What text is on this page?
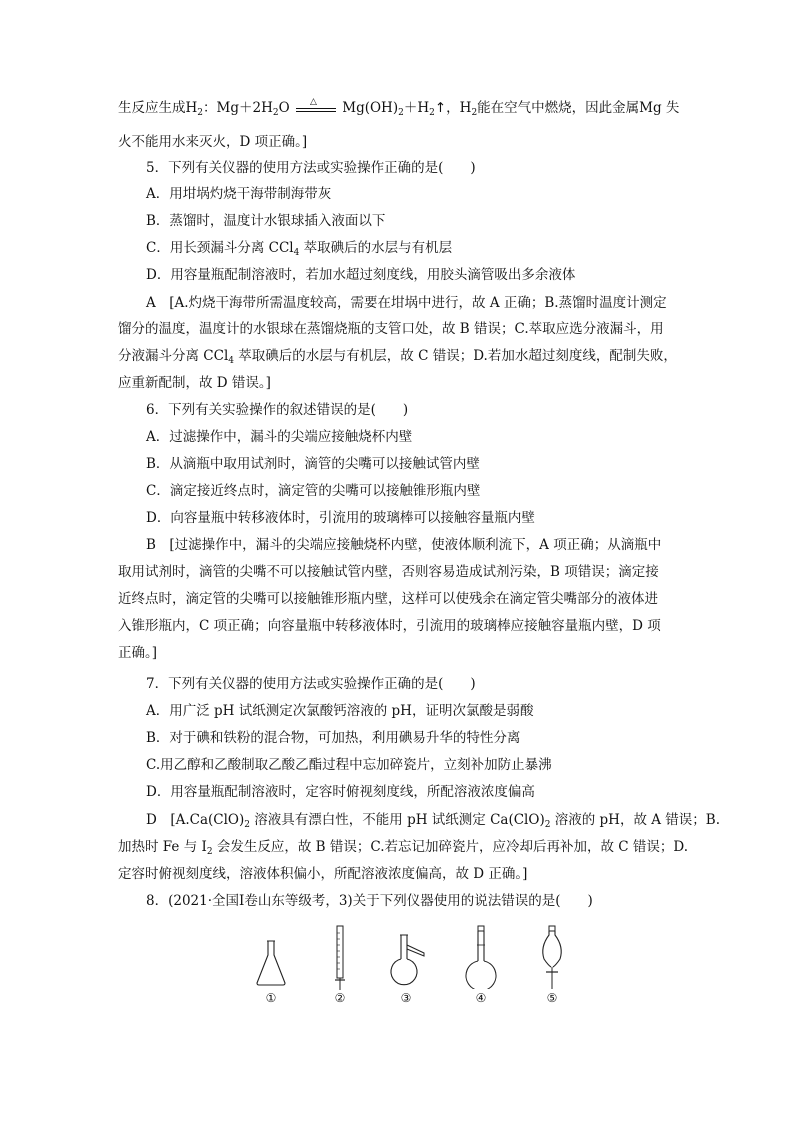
生反应生成$H_2$：$Mg+2H_2O$ △ $Mg(OH)_2+H_2↑$，$H_2$能在空气中燃烧，因此金属Mg 失
火不能用水来灭火，D 项正确。]
5．下列有关仪器的使用方法或实验操作正确的是(　　)
A．用坩埚灼烧干海带制海带灰
B．蒸馏时，温度计水银球插入液面以下
C．用长颈漏斗分离 CCl$_4$ 萃取碘后的水层与有机层
D．用容量瓶配制溶液时，若加水超过刻度线，用胶头滴管吸出多余液体
A　[A.灼烧干海带所需温度较高，需要在坩埚中进行，故 A 正确；B.蒸馏时温度计测定
馏分的温度，温度计的水银球在蒸馏烧瓶的支管口处，故 B 错误；C.萃取应选分液漏斗，用
分液漏斗分离 CCl$_4$ 萃取碘后的水层与有机层，故 C 错误；D.若加水超过刻度线，配制失败，
应重新配制，故 D 错误。]
6．下列有关实验操作的叙述错误的是(　　)
A．过滤操作中，漏斗的尖端应接触烧杯内壁
B．从滴瓶中取用试剂时，滴管的尖嘴可以接触试管内壁
C．滴定接近终点时，滴定管的尖嘴可以接触锥形瓶内壁
D．向容量瓶中转移液体时，引流用的玻璃棒可以接触容量瓶内壁
B　[过滤操作中，漏斗的尖端应接触烧杯内壁，使液体顺利流下，A 项正确；从滴瓶中
取用试剂时，滴管的尖嘴不可以接触试管内壁，否则容易造成试剂污染，B 项错误；滴定接
近终点时，滴定管的尖嘴可以接触锥形瓶内壁，这样可以使残余在滴定管尖嘴部分的液体进
入锥形瓶内，C 项正确；向容量瓶中转移液体时，引流用的玻璃棒应接触容量瓶内壁，D 项
正确。]
7．下列有关仪器的使用方法或实验操作正确的是(　　)
A．用广泛 pH 试纸测定次氯酸钙溶液的 pH，证明次氯酸是弱酸
B．对于碘和铁粉的混合物，可加热，利用碘易升华的特性分离
C.用乙醇和乙酸制取乙酸乙酯过程中忘加碎瓷片，立刻补加防止暴沸
D．用容量瓶配制溶液时，定容时俯视刻度线，所配溶液浓度偏高
D　[$A.Ca(ClO)_2$ 溶液具有漂白性，不能用 pH 试纸测定 $Ca(ClO)_2$ 溶液的 pH，故 A 错误；B.
加热时 Fe 与 $I_2$ 会发生反应，故 B 错误；C.若忘记加碎瓷片，应冷却后再补加，故 C 错误；D.
定容时俯视刻度线，溶液体积偏小，所配溶液浓度偏高，故 D 正确。]
8．(2021·全国Ⅰ卷山东等级考，3)关于下列仪器使用的说法错误的是(　　)
①	②	③	④	⑤
